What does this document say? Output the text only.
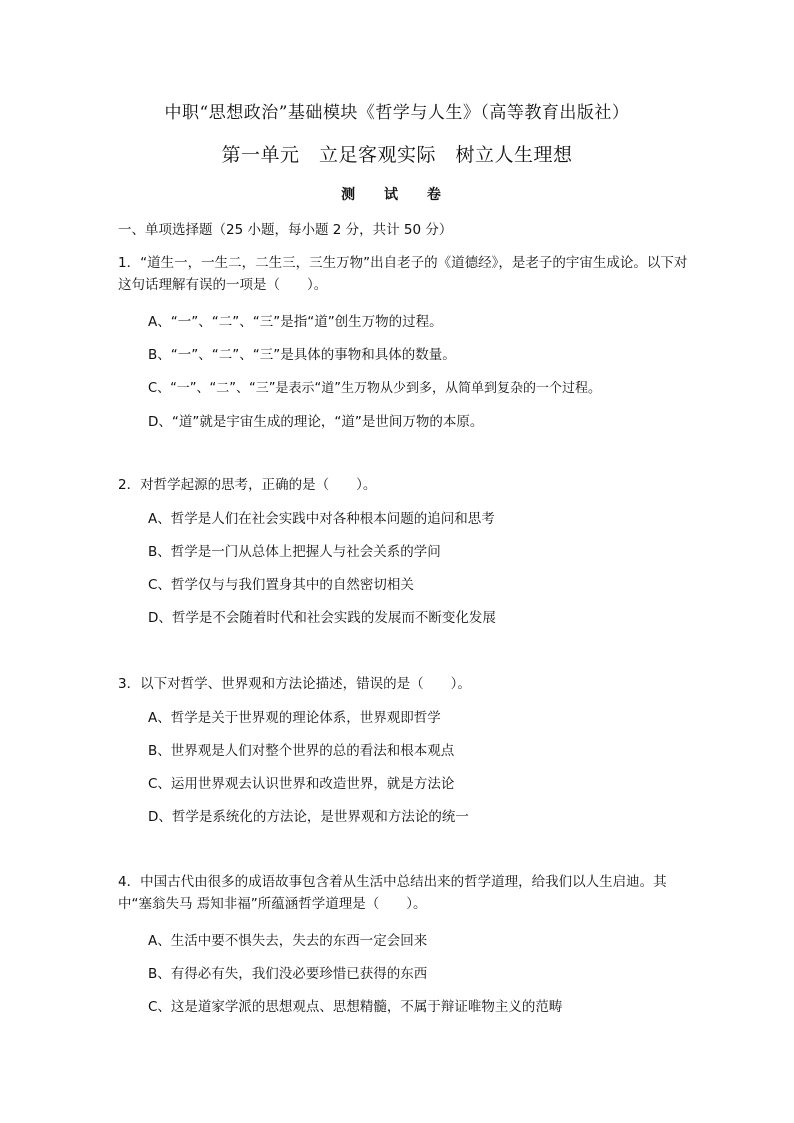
中职“思想政治”基础模块《哲学与人生》（高等教育出版社）
第一单元　立足客观实际　树立人生理想
测 试 卷
一、单项选择题（25 小题，每小题 2 分，共计 50 分）
1．“道生一，一生二，二生三，三生万物”出自老子的《道德经》，是老子的宇宙生成论。以下对这句话理解有误的一项是（　　）。
A、“一”、“二”、“三”是指“道”创生万物的过程。
B、“一”、“二”、“三”是具体的事物和具体的数量。
C、“一”、“二”、“三”是表示“道”生万物从少到多，从简单到复杂的一个过程。
D、“道”就是宇宙生成的理论，“道”是世间万物的本原。
2．对哲学起源的思考，正确的是（　　）。
A、哲学是人们在社会实践中对各种根本问题的追问和思考
B、哲学是一门从总体上把握人与社会关系的学问
C、哲学仅与与我们置身其中的自然密切相关
D、哲学是不会随着时代和社会实践的发展而不断变化发展
3．以下对哲学、世界观和方法论描述，错误的是（　　）。
A、哲学是关于世界观的理论体系，世界观即哲学
B、世界观是人们对整个世界的总的看法和根本观点
C、运用世界观去认识世界和改造世界，就是方法论
D、哲学是系统化的方法论，是世界观和方法论的统一
4．中国古代由很多的成语故事包含着从生活中总结出来的哲学道理，给我们以人生启迪。其中“塞翁失马 焉知非福”所蕴涵哲学道理是（　　）。
A、生活中要不惧失去，失去的东西一定会回来
B、有得必有失，我们没必要珍惜已获得的东西
C、这是道家学派的思想观点、思想精髓，不属于辩证唯物主义的范畴
